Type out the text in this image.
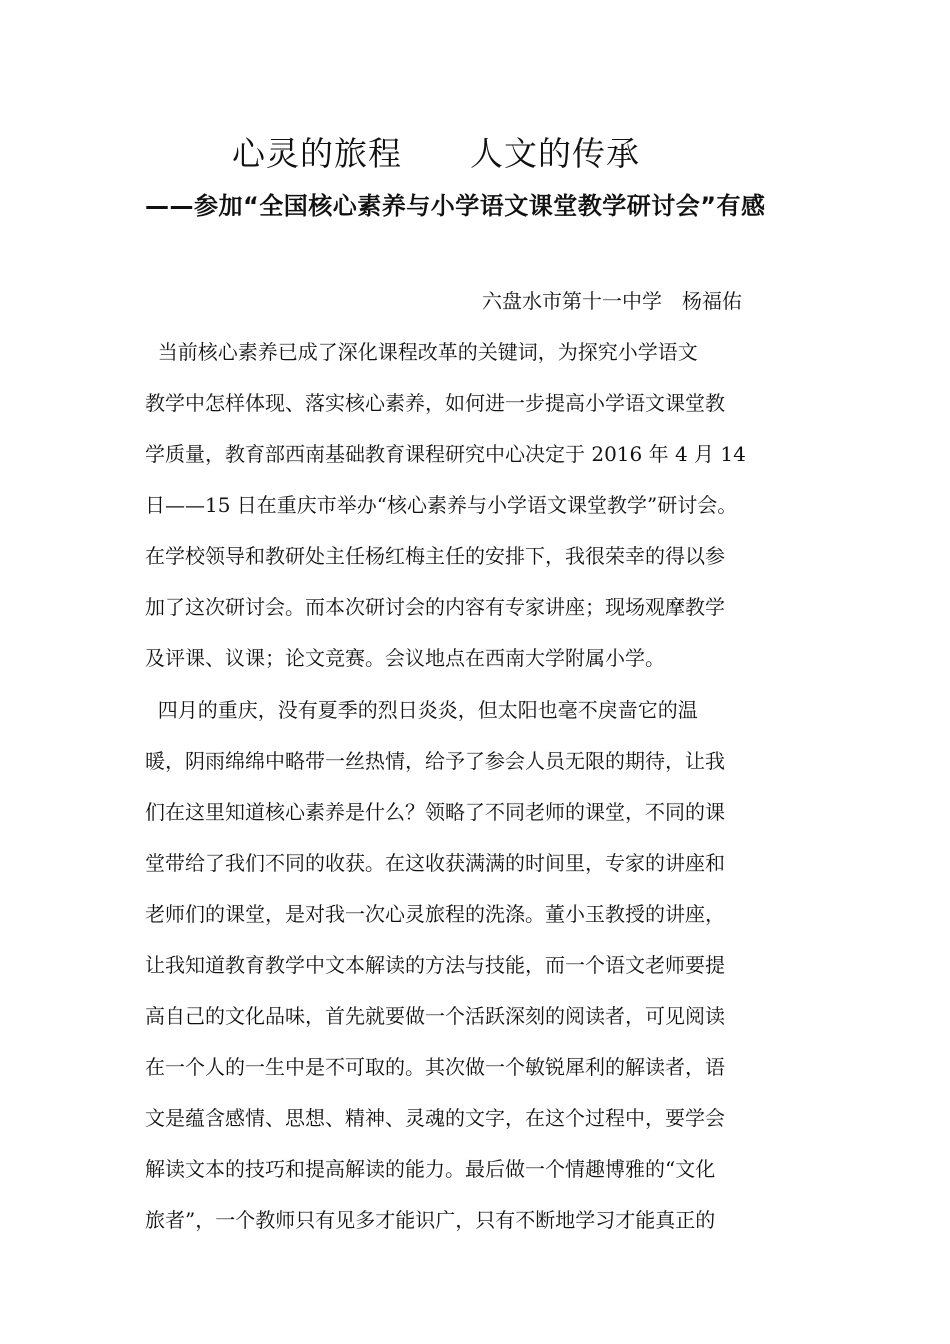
心灵的旅程　　人文的传承
——参加“全国核心素养与小学语文课堂教学研讨会”有感
六盘水市第十一中学　杨福佑
当前核心素养已成了深化课程改革的关键词，为探究小学语文
教学中怎样体现、落实核心素养，如何进一步提高小学语文课堂教
学质量，教育部西南基础教育课程研究中心决定于 2016 年 4 月 14
日——15 日在重庆市举办“核心素养与小学语文课堂教学”研讨会。
在学校领导和教研处主任杨红梅主任的安排下，我很荣幸的得以参
加了这次研讨会。而本次研讨会的内容有专家讲座；现场观摩教学
及评课、议课；论文竞赛。会议地点在西南大学附属小学。
四月的重庆，没有夏季的烈日炎炎，但太阳也毫不戾啬它的温
暖，阴雨绵绵中略带一丝热情，给予了参会人员无限的期待，让我
们在这里知道核心素养是什么？领略了不同老师的课堂，不同的课
堂带给了我们不同的收获。在这收获满满的时间里，专家的讲座和
老师们的课堂，是对我一次心灵旅程的洗涤。董小玉教授的讲座，
让我知道教育教学中文本解读的方法与技能，而一个语文老师要提
高自己的文化品味，首先就要做一个活跃深刻的阅读者，可见阅读
在一个人的一生中是不可取的。其次做一个敏锐犀利的解读者，语
文是蕴含感情、思想、精神、灵魂的文字，在这个过程中，要学会
解读文本的技巧和提高解读的能力。最后做一个情趣博雅的“文化
旅者”，一个教师只有见多才能识广，只有不断地学习才能真正的
